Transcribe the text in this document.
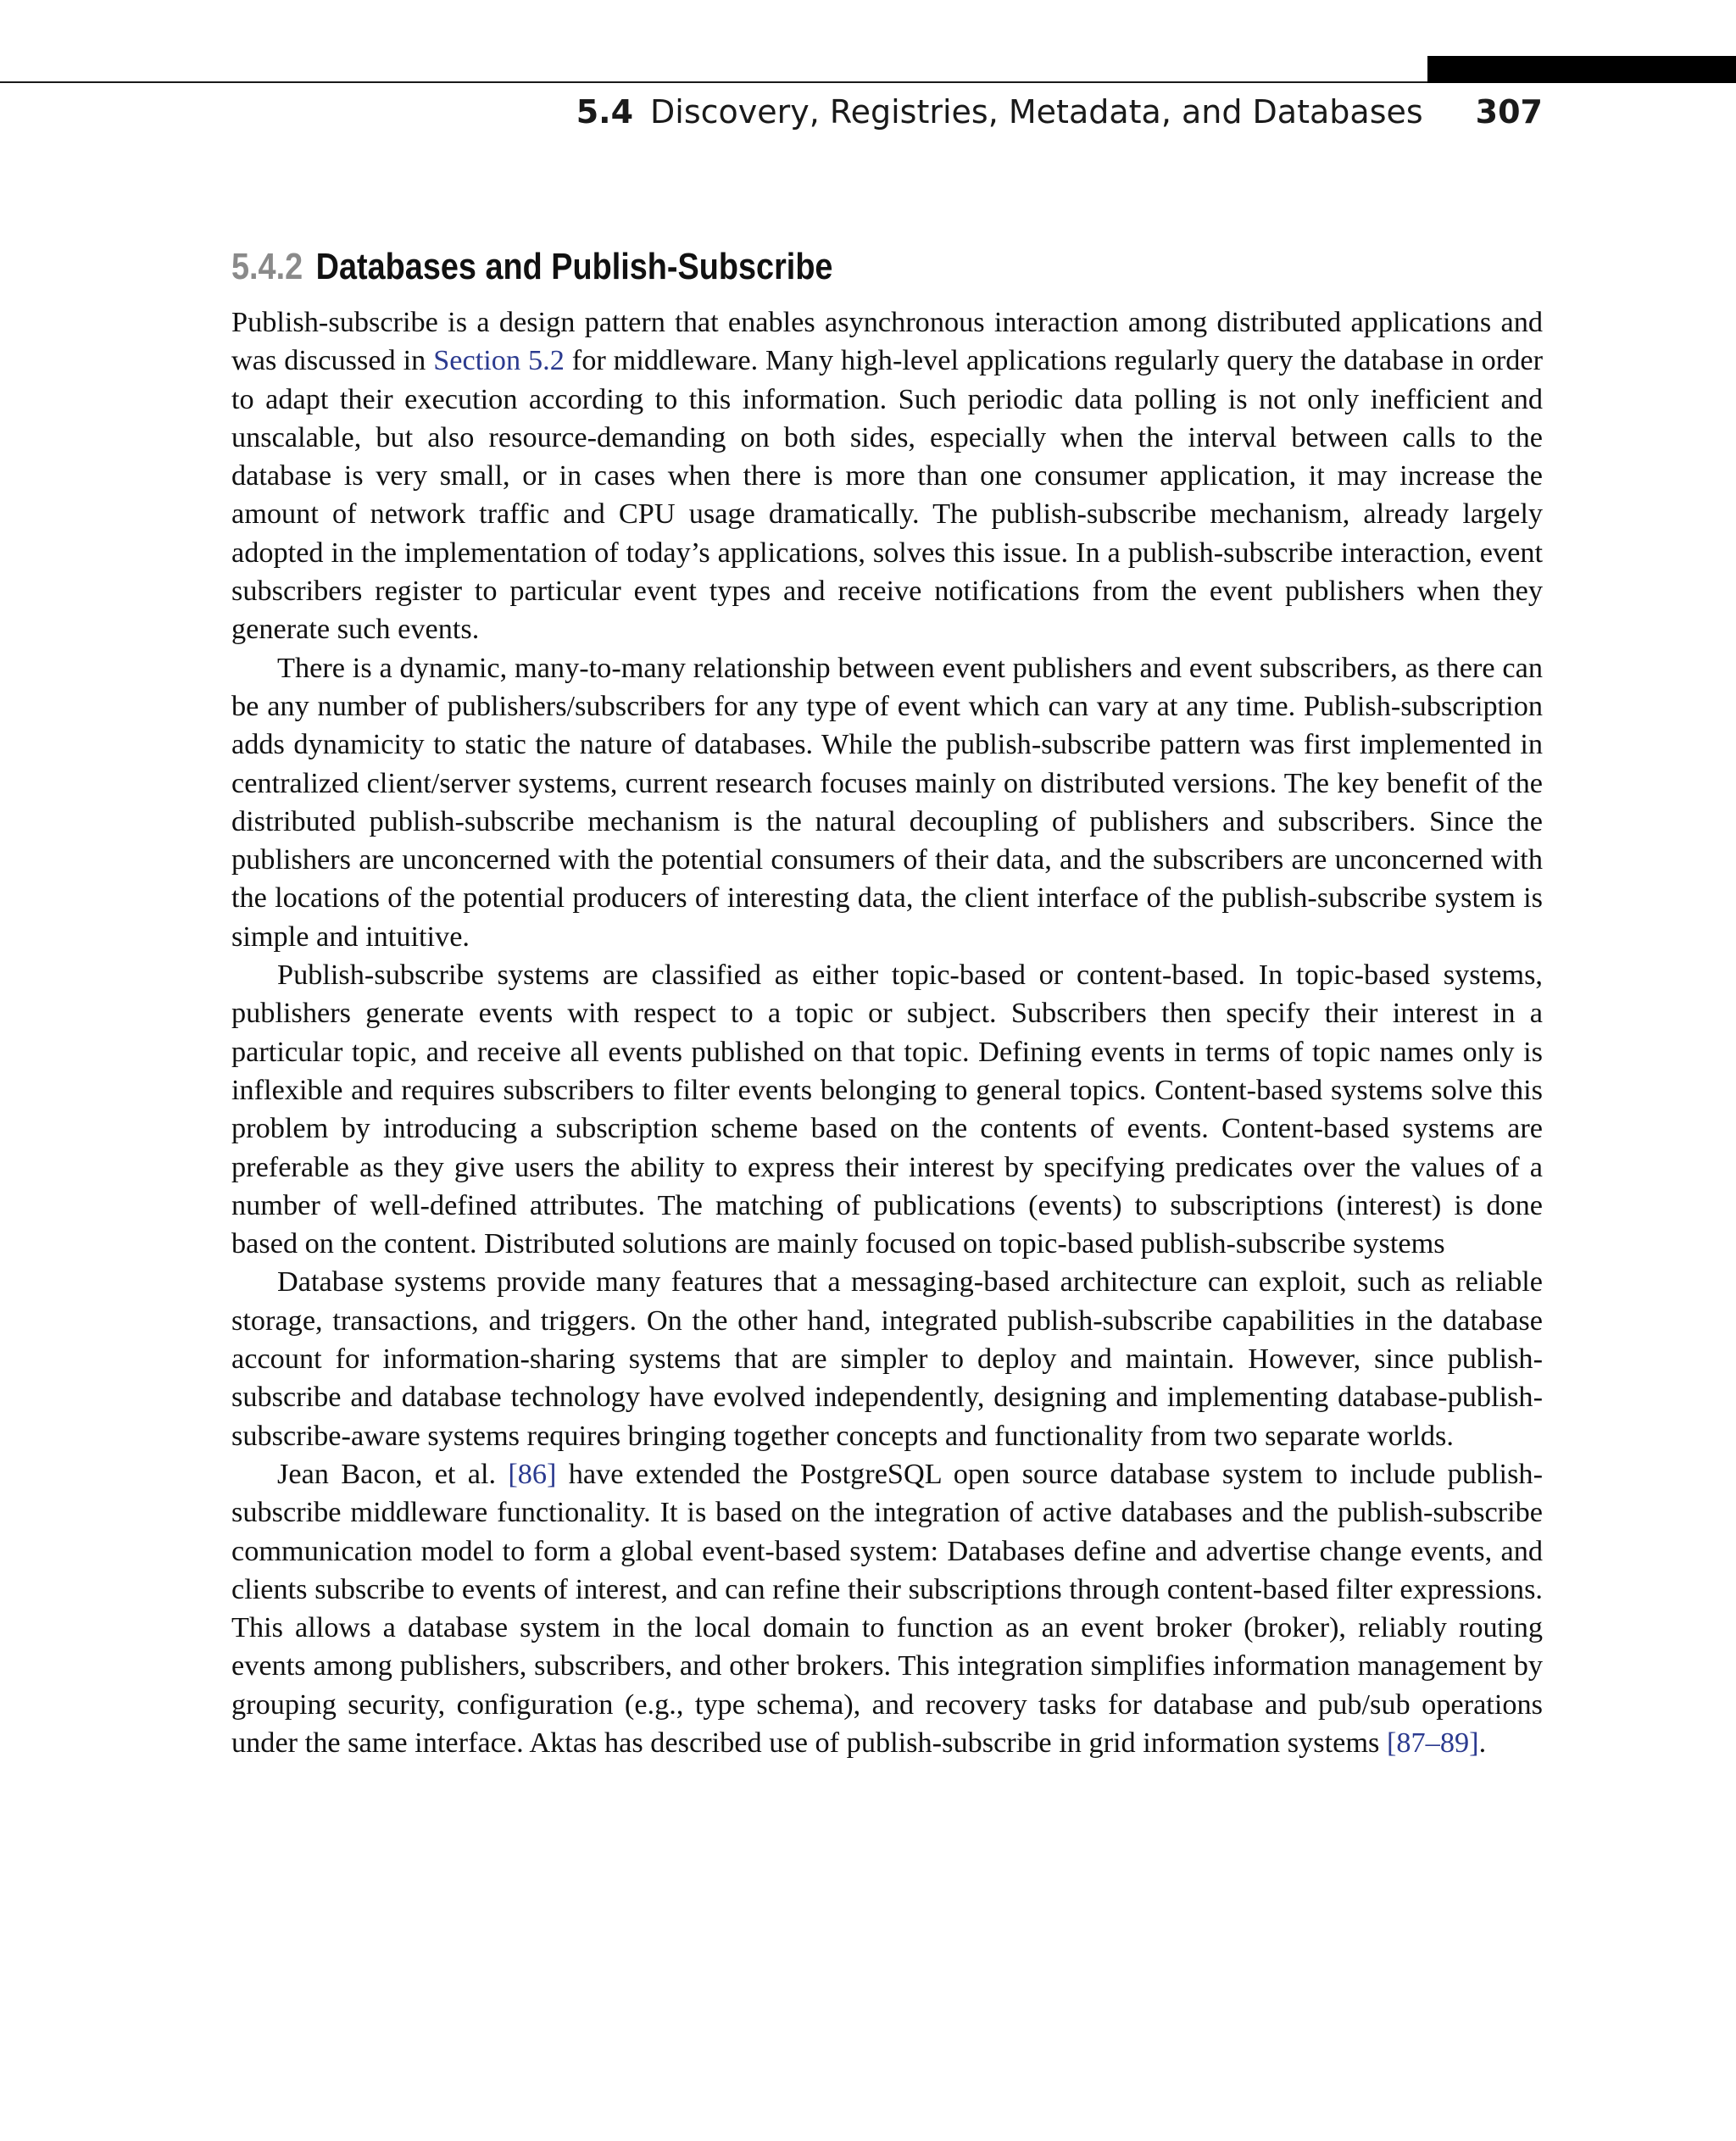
5.4 Discovery, Registries, Metadata, and Databases 307
5.4.2 Databases and Publish-Subscribe

Publish-subscribe is a design pattern that enables asynchronous interaction among distributed applications and was discussed in Section 5.2 for middleware. Many high-level applications regularly query the database in order to adapt their execution according to this information. Such periodic data polling is not only inefficient and unscalable, but also resource-demanding on both sides, especially when the interval between calls to the database is very small, or in cases when there is more than one consumer application, it may increase the amount of network traffic and CPU usage dramatically. The publish-subscribe mechanism, already largely adopted in the implementation of today’s applications, solves this issue. In a publish-subscribe interaction, event subscribers register to particular event types and receive notifications from the event publishers when they generate such events.

There is a dynamic, many-to-many relationship between event publishers and event subscribers, as there can be any number of publishers/subscribers for any type of event which can vary at any time. Publish-subscription adds dynamicity to static the nature of databases. While the publish-subscribe pattern was first implemented in centralized client/server systems, current research focuses mainly on distributed versions. The key benefit of the distributed publish-subscribe mechanism is the natural decoupling of publishers and subscribers. Since the publishers are unconcerned with the potential consumers of their data, and the subscribers are unconcerned with the locations of the potential producers of interesting data, the client interface of the publish-subscribe system is simple and intuitive.

Publish-subscribe systems are classified as either topic-based or content-based. In topic-based systems, publishers generate events with respect to a topic or subject. Subscribers then specify their interest in a particular topic, and receive all events published on that topic. Defining events in terms of topic names only is inflexible and requires subscribers to filter events belonging to general topics. Content-based systems solve this problem by introducing a subscription scheme based on the contents of events. Content-based systems are preferable as they give users the ability to express their interest by specifying predicates over the values of a number of well-defined attributes. The matching of publications (events) to subscriptions (interest) is done based on the content. Distributed solutions are mainly focused on topic-based publish-subscribe systems

Database systems provide many features that a messaging-based architecture can exploit, such as reliable storage, transactions, and triggers. On the other hand, integrated publish-subscribe capabilities in the database account for information-sharing systems that are simpler to deploy and maintain. However, since publish-subscribe and database technology have evolved independently, designing and implementing database-publish-subscribe-aware systems requires bringing together concepts and functionality from two separate worlds.

Jean Bacon, et al. [86] have extended the PostgreSQL open source database system to include publish-subscribe middleware functionality. It is based on the integration of active databases and the publish-subscribe communication model to form a global event-based system: Databases define and advertise change events, and clients subscribe to events of interest, and can refine their subscriptions through content-based filter expressions. This allows a database system in the local domain to function as an event broker (broker), reliably routing events among publishers, subscribers, and other brokers. This integration simplifies information management by grouping security, configuration (e.g., type schema), and recovery tasks for database and pub/sub operations under the same interface. Aktas has described use of publish-subscribe in grid information systems [87–89].
